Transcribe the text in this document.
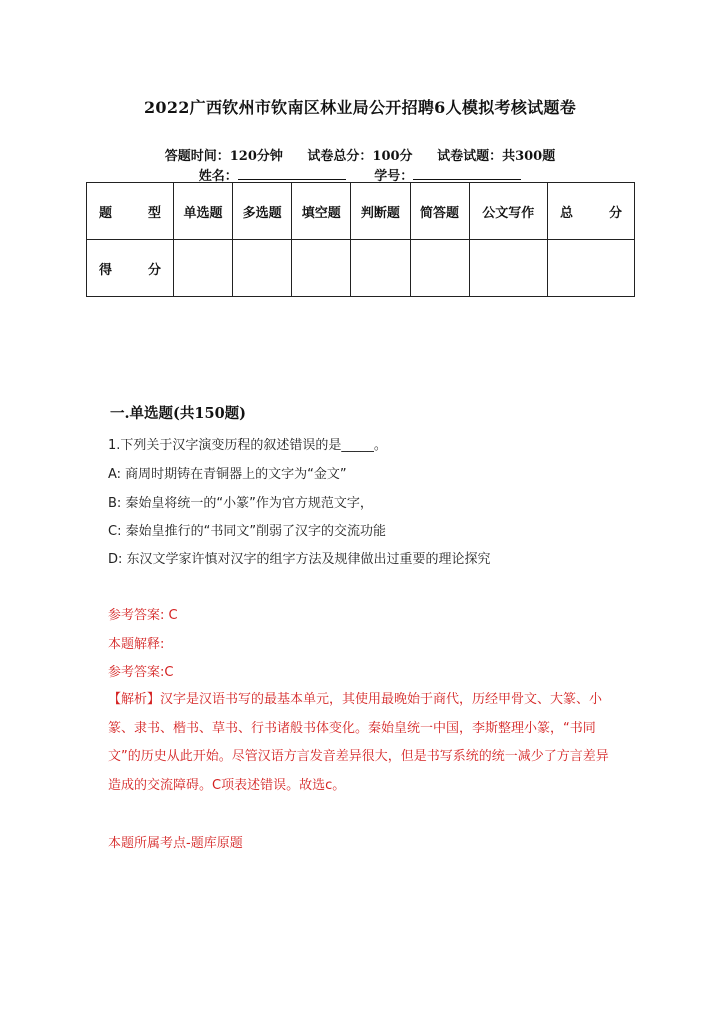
2022广西钦州市钦南区林业局公开招聘6人模拟考核试题卷
答题时间：120分钟 试卷总分：100分 试卷试题：共300题
姓名：	学号：
题 型	单选题	多选题	填空题	判断题	简答题	公文写作	总 分
得 分							
一.单选题(共150题)
1.下列关于汉字演变历程的叙述错误的是_____。
A: 商周时期铸在青铜器上的文字为“金文”
B: 秦始皇将统一的“小篆”作为官方规范文字，
C: 秦始皇推行的“书同文”削弱了汉字的交流功能
D: 东汉文学家许慎对汉字的组字方法及规律做出过重要的理论探究
参考答案: C
本题解释:
参考答案:C
【解析】汉字是汉语书写的最基本单元，其使用最晚始于商代，历经甲骨文、大篆、小篆、隶书、楷书、草书、行书诸般书体变化。秦始皇统一中国，李斯整理小篆，“书同文”的历史从此开始。尽管汉语方言发音差异很大，但是书写系统的统一减少了方言差异造成的交流障碍。C项表述错误。故选c。
本题所属考点-题库原题
